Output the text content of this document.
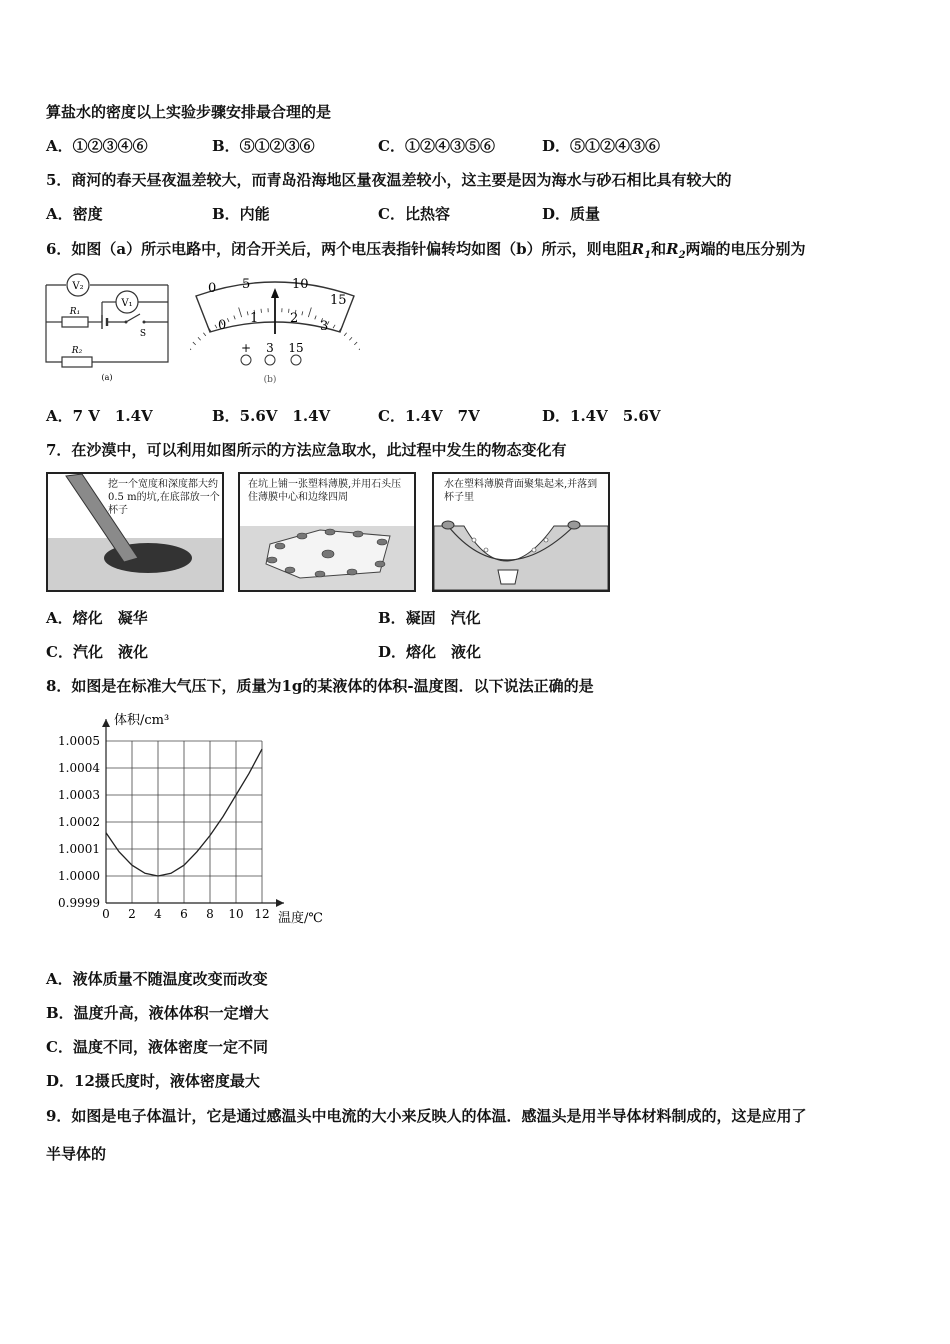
算盐水的密度以上实验步骤安排最合理的是
A．①②③④⑥	B．⑤①②③⑥	C．①②④③⑤⑥	D．⑤①②④③⑥
5．商河的春天昼夜温差较大，而青岛沿海地区量夜温差较小，这主要是因为海水与砂石相比具有较大的
A．密度	B．内能	C．比热容	D．质量
6．如图（a）所示电路中，闭合开关后，两个电压表指针偏转均如图（b）所示，则电阻$R_1$和$R_2$两端的电压分别为
V₂
V₁
R₁
S
R₂
(a)
0 5	10
15
0 1 2
3
+ 3 15
(b)
A．7 V　1.4V	B．5.6V　1.4V	C．1.4V　7V	D．1.4V　5.6V
7．在沙漠中，可以利用如图所示的方法应急取水，此过程中发生的物态变化有
挖一个宽度和深度都大约0.5 m的坑,在底部放一个杯子
在坑上铺一张塑料薄膜,并用石头压住薄膜中心和边缘四周
水在塑料薄膜背面聚集起来,并落到杯子里
A．熔化　凝华	B．凝固　汽化
C．汽化　液化	D．熔化　液化
8．如图是在标准大气压下，质量为1g的某液体的体积-温度图．以下说法正确的是
0 2 4 6 8 10 12
0.9999
1.0000
1.0001
1.0002
1.0003
1.0004
1.0005
体积/cm³
温度/℃
A．液体质量不随温度改变而改变
B．温度升高，液体体积一定增大
C．温度不同，液体密度一定不同
D．12摄氏度时，液体密度最大
9．如图是电子体温计，它是通过感温头中电流的大小来反映人的体温．感温头是用半导体材料制成的，这是应用了
半导体的
